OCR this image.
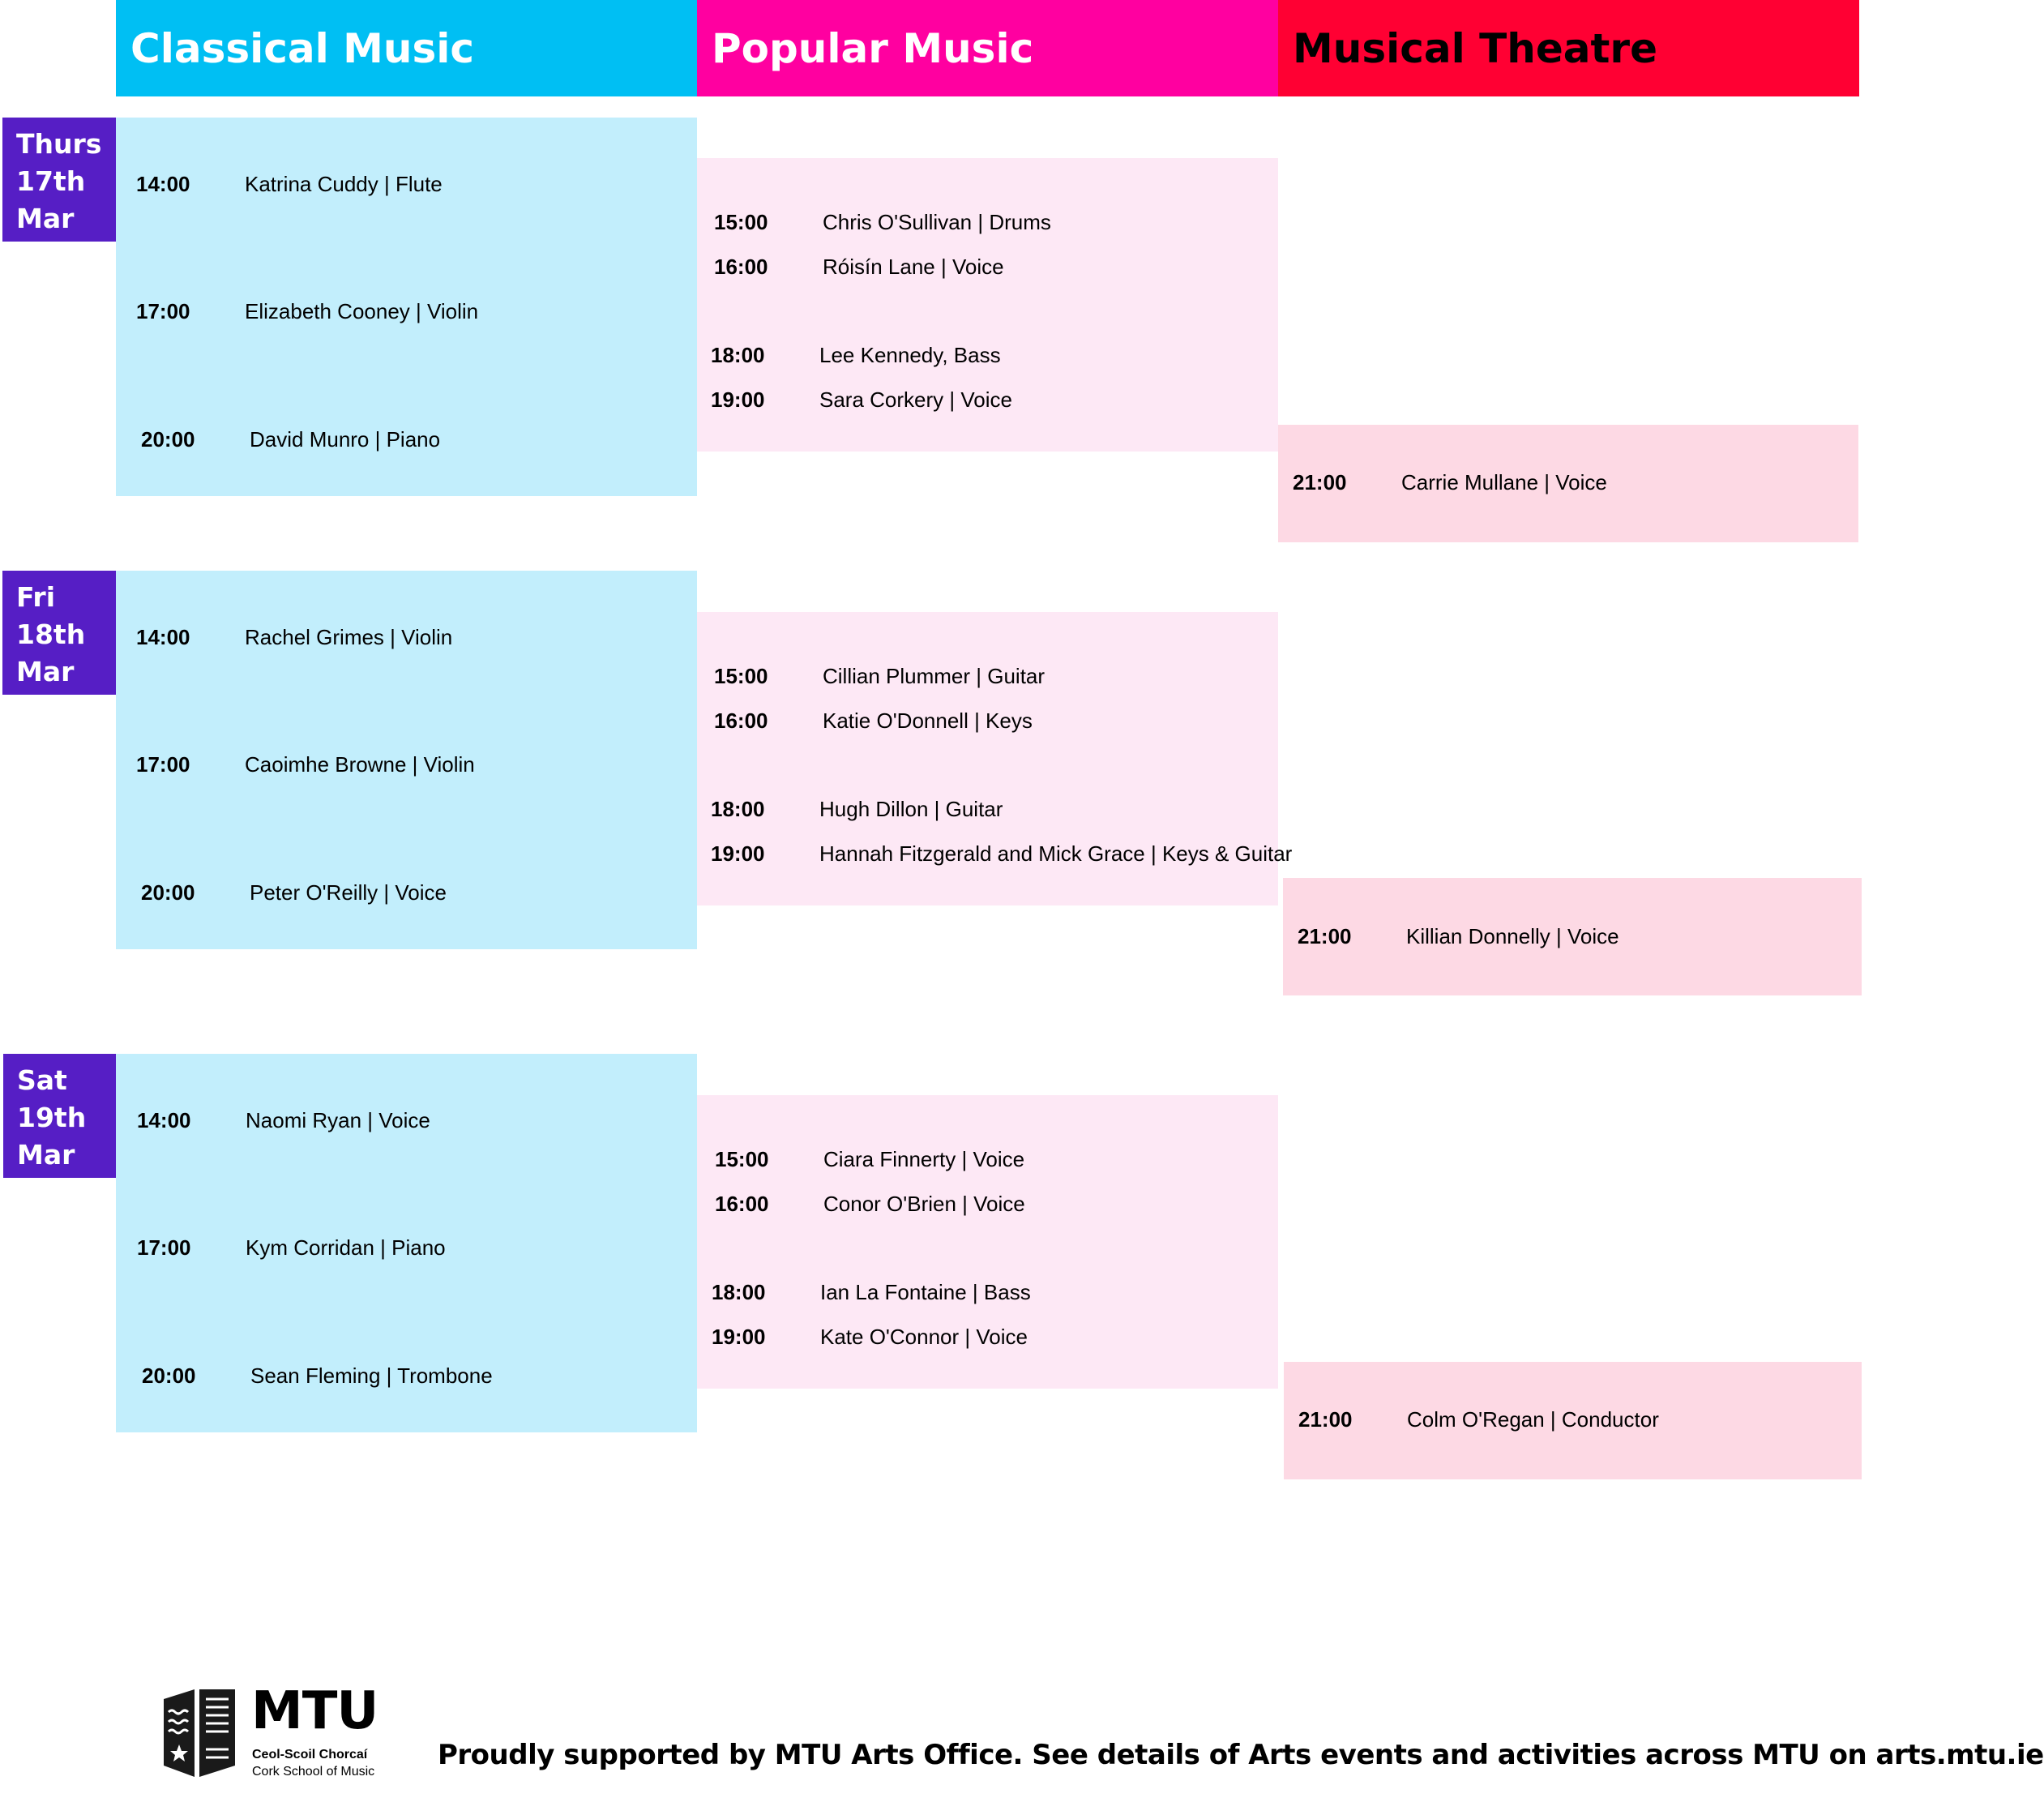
Classical Music	Popular Music	Musical Theatre
Thurs
17th
Mar
14:00	Katrina Cuddy | Flute
17:00	Elizabeth Cooney | Violin
20:00	David Munro | Piano
15:00	Chris O'Sullivan | Drums
16:00	Róisín Lane | Voice
18:00	Lee Kennedy, Bass
19:00	Sara Corkery | Voice
21:00	Carrie Mullane | Voice
Fri
18th
Mar
14:00	Rachel Grimes | Violin
17:00	Caoimhe Browne | Violin
20:00	Peter O'Reilly | Voice
15:00	Cillian Plummer | Guitar
16:00	Katie O'Donnell | Keys
18:00	Hugh Dillon | Guitar
19:00	Hannah Fitzgerald and Mick Grace | Keys & Guitar
21:00	Killian Donnelly | Voice
Sat
19th
Mar
14:00	Naomi Ryan | Voice
17:00	Kym Corridan | Piano
20:00	Sean Fleming | Trombone
15:00	Ciara Finnerty | Voice
16:00	Conor O'Brien | Voice
18:00	Ian La Fontaine | Bass
19:00	Kate O'Connor | Voice
21:00	Colm O'Regan | Conductor
MTU
Ceol-Scoil Chorcaí
Cork School of Music
Proudly supported by MTU Arts Office. See details of Arts events and activities across MTU on arts.mtu.ie
